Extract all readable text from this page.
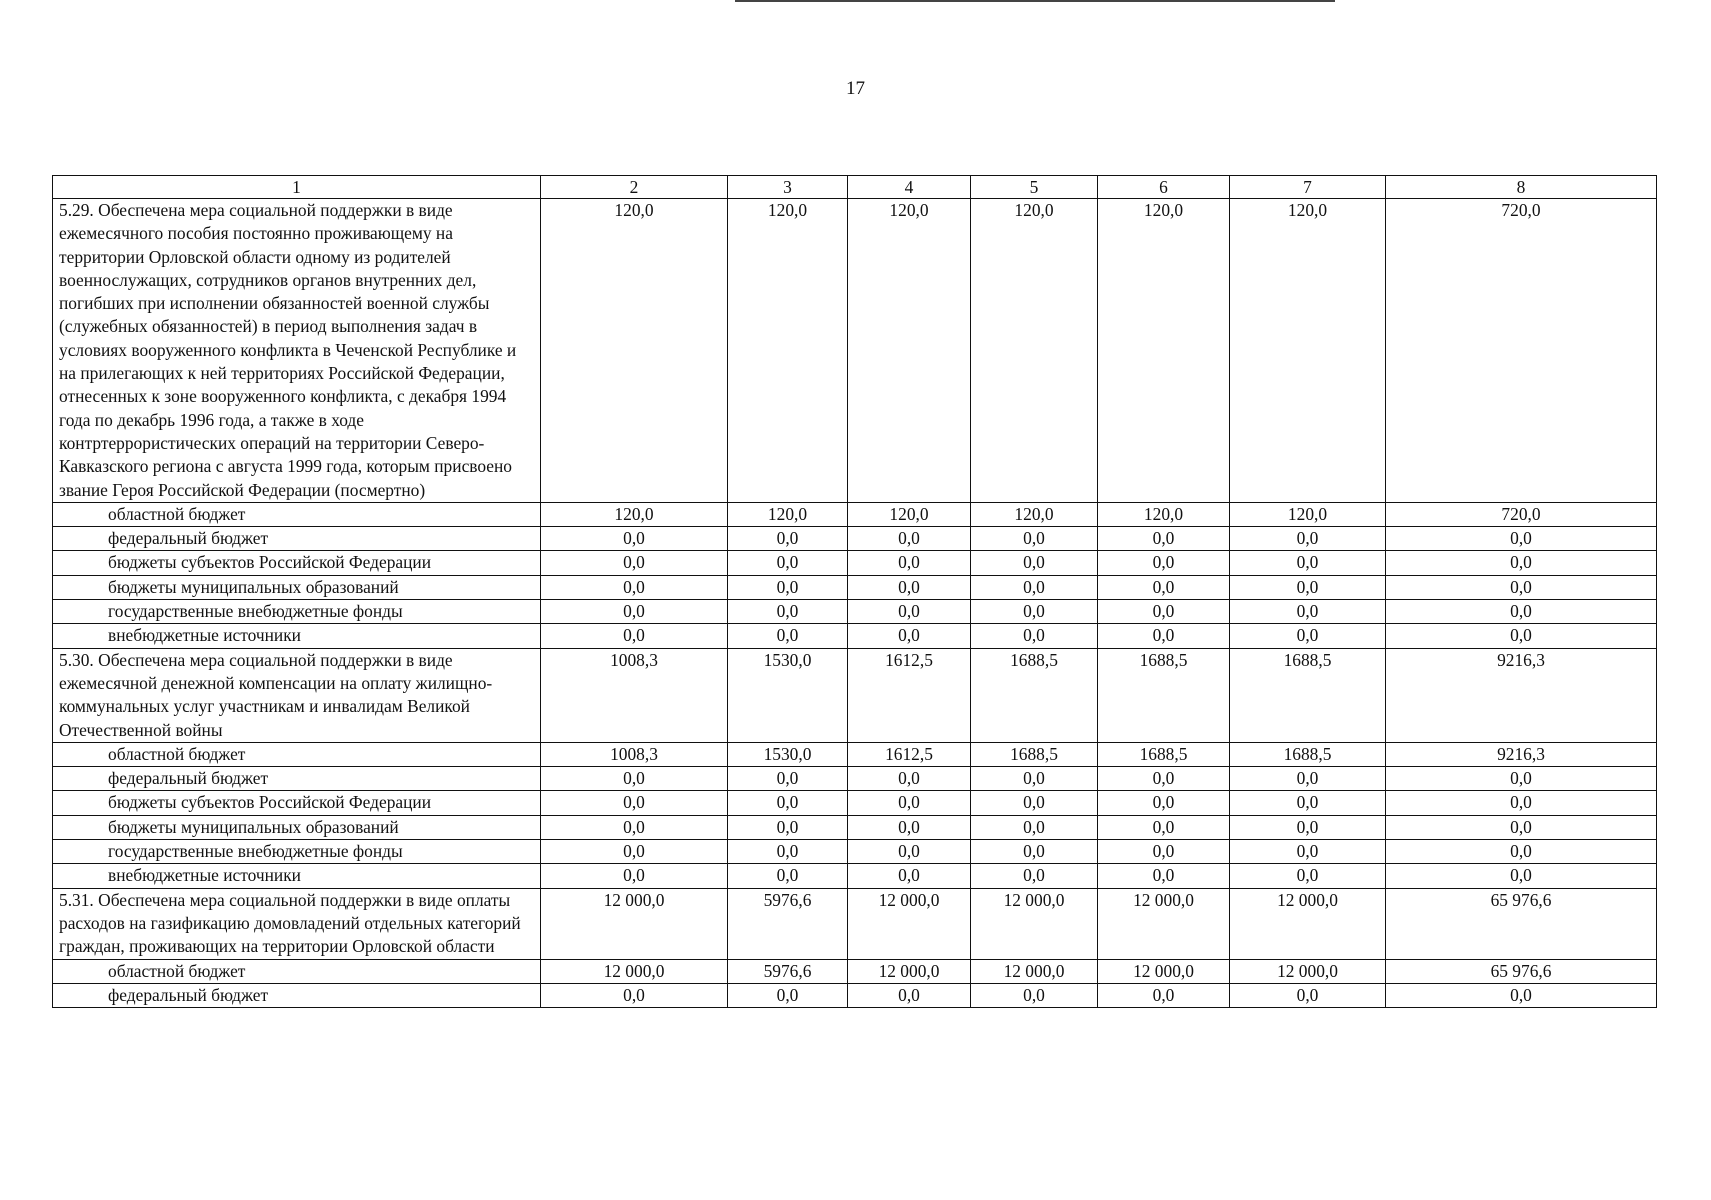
17
1	2	3	4	5	6	7	8
5.29. Обеспечена мера социальной поддержки в виде ежемесячного пособия постоянно проживающему на территории Орловской области одному из родителей военнослужащих, сотрудников органов внутренних дел, погибших при исполнении обязанностей военной службы (служебных обязанностей) в период выполнения задач в условиях вооруженного конфликта в Чеченской Республике и на прилегающих к ней территориях Российской Федерации, отнесенных к зоне вооруженного конфликта, с декабря 1994 года по декабрь 1996 года, а также в ходе контртеррористических операций на территории Северо-Кавказского региона с августа 1999 года, которым присвоено звание Героя Российской Федерации (посмертно)	120,0	120,0	120,0	120,0	120,0	120,0	720,0
областной бюджет	120,0	120,0	120,0	120,0	120,0	120,0	720,0
федеральный бюджет	0,0	0,0	0,0	0,0	0,0	0,0	0,0
бюджеты субъектов Российской Федерации	0,0	0,0	0,0	0,0	0,0	0,0	0,0
бюджеты муниципальных образований	0,0	0,0	0,0	0,0	0,0	0,0	0,0
государственные внебюджетные фонды	0,0	0,0	0,0	0,0	0,0	0,0	0,0
внебюджетные источники	0,0	0,0	0,0	0,0	0,0	0,0	0,0
5.30. Обеспечена мера социальной поддержки в виде ежемесячной денежной компенсации на оплату жилищно-коммунальных услуг участникам и инвалидам Великой Отечественной войны	1008,3	1530,0	1612,5	1688,5	1688,5	1688,5	9216,3
областной бюджет	1008,3	1530,0	1612,5	1688,5	1688,5	1688,5	9216,3
федеральный бюджет	0,0	0,0	0,0	0,0	0,0	0,0	0,0
бюджеты субъектов Российской Федерации	0,0	0,0	0,0	0,0	0,0	0,0	0,0
бюджеты муниципальных образований	0,0	0,0	0,0	0,0	0,0	0,0	0,0
государственные внебюджетные фонды	0,0	0,0	0,0	0,0	0,0	0,0	0,0
внебюджетные источники	0,0	0,0	0,0	0,0	0,0	0,0	0,0
5.31. Обеспечена мера социальной поддержки в виде оплаты расходов на газификацию домовладений отдельных категорий граждан, проживающих на территории Орловской области	12 000,0	5976,6	12 000,0	12 000,0	12 000,0	12 000,0	65 976,6
областной бюджет	12 000,0	5976,6	12 000,0	12 000,0	12 000,0	12 000,0	65 976,6
федеральный бюджет	0,0	0,0	0,0	0,0	0,0	0,0	0,0
